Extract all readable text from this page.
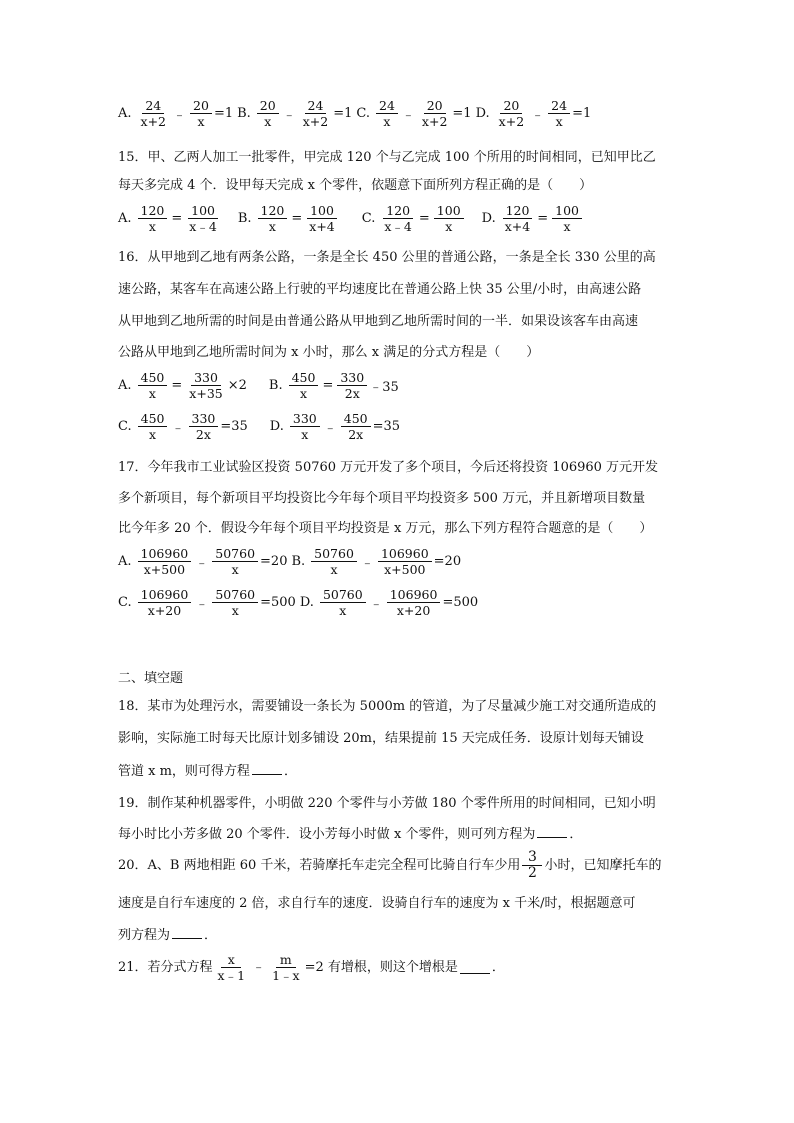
A. $\frac{24}{x+2}$ ﹣ $\frac{20}{x} =1$ B. $\frac{20}{x}$ ﹣ $\frac{24}{x+2} =1$ C. $\frac{24}{x}$ ﹣ $\frac{20}{x+2} =1$ D. $\frac{20}{x+2}$ ﹣ $\frac{24}{x} =1$
15．甲、乙两人加工一批零件，甲完成 120 个与乙完成 100 个所用的时间相同，已知甲比乙
每天多完成 4 个．设甲每天完成 x 个零件，依题意下面所列方程正确的是（　　）
A. $\frac{120}{x} = \frac{100}{x﹣4} B$. $\frac{120}{x} = \frac{100}{x+4} C$. $\frac{120}{x﹣4} = \frac{100}{x} D$. $\frac{120}{x+4} = \frac{100}{x}$
16．从甲地到乙地有两条公路，一条是全长 450 公里的普通公路，一条是全长 330 公里的高
速公路，某客车在高速公路上行驶的平均速度比在普通公路上快 35 公里/小时，由高速公路
从甲地到乙地所需的时间是由普通公路从甲地到乙地所需时间的一半．如果设该客车由高速
公路从甲地到乙地所需时间为 x 小时，那么 x 满足的分式方程是（　　）
A. $\frac{450}{x} = \frac{330}{x+35} \times 2$ B. $\frac{450}{x} = \frac{330}{2x}$ ﹣35
C. $\frac{450}{x}$ ﹣ $\frac{330}{2x} =35$ D. $\frac{330}{x}$ ﹣ $\frac{450}{2x} =35$
17．今年我市工业试验区投资 50760 万元开发了多个项目，今后还将投资 106960 万元开发
多个新项目，每个新项目平均投资比今年每个项目平均投资多 500 万元，并且新增项目数量
比今年多 20 个．假设今年每个项目平均投资是 x 万元，那么下列方程符合题意的是（　　）
A. $\frac{106960}{x+500}$ ﹣ $\frac{50760}{x} =20$ B. $\frac{50760}{x}$ ﹣ $\frac{106960}{x+500} =20$
C. $\frac{106960}{x+20}$ ﹣ $\frac{50760}{x} =500$ D. $\frac{50760}{x}$ ﹣ $\frac{106960}{x+20} =500$
二、填空题
18．某市为处理污水，需要铺设一条长为 5000m 的管道，为了尽量减少施工对交通所造成的
影响，实际施工时每天比原计划多铺设 20m，结果提前 15 天完成任务．设原计划每天铺设
管道 x m，则可得方程	．
19．制作某种机器零件，小明做 220 个零件与小芳做 180 个零件所用的时间相同，已知小明
每小时比小芳多做 20 个零件．设小芳每小时做 x 个零件，则可列方程为	．
20．A、B 两地相距 60 千米，若骑摩托车走完全程可比骑自行车少用 $\frac{3}{2}$ 小时，已知摩托车的
速度是自行车速度的 2 倍，求自行车的速度．设骑自行车的速度为 x 千米/时，根据题意可
列方程为	．
21．若分式方程 $\frac{x}{x﹣1}$ ﹣ $\frac{m}{1﹣x} =2$ 有增根，则这个增根是	．
